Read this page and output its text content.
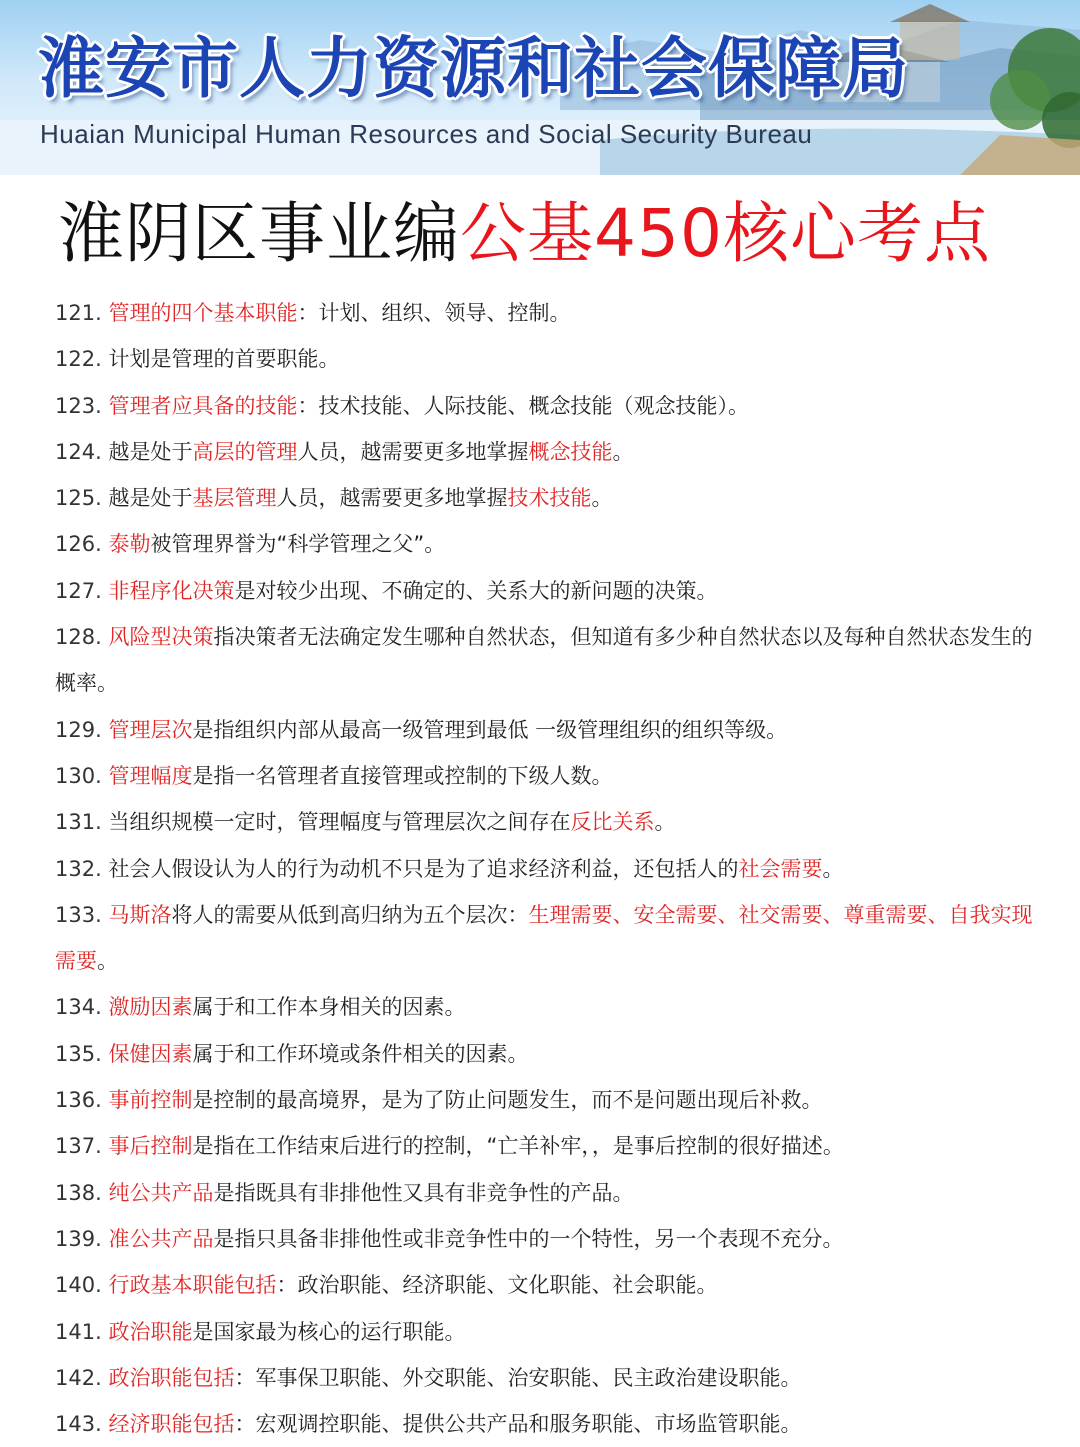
淮安市人力资源和社会保障局
Huaian Municipal Human Resources and Social Security Bureau
淮阴区事业编公基450核心考点
121. 管理的四个基本职能：计划、组织、领导、控制。
122. 计划是管理的首要职能。
123. 管理者应具备的技能：技术技能、人际技能、概念技能（观念技能）。
124. 越是处于高层的管理人员，越需要更多地掌握概念技能。
125. 越是处于基层管理人员，越需要更多地掌握技术技能。
126. 泰勒被管理界誉为“科学管理之父”。
127. 非程序化决策是对较少出现、不确定的、关系大的新问题的决策。
128. 风险型决策指决策者无法确定发生哪种自然状态，但知道有多少种自然状态以及每种自然状态发生的概率。
129. 管理层次是指组织内部从最高一级管理到最低 一级管理组织的组织等级。
130. 管理幅度是指一名管理者直接管理或控制的下级人数。
131. 当组织规模一定时，管理幅度与管理层次之间存在反比关系。
132. 社会人假设认为人的行为动机不只是为了追求经济利益，还包括人的社会需要。
133. 马斯洛将人的需要从低到高归纳为五个层次：生理需要、安全需要、社交需要、尊重需要、自我实现需要。
134. 激励因素属于和工作本身相关的因素。
135. 保健因素属于和工作环境或条件相关的因素。
136. 事前控制是控制的最高境界，是为了防止问题发生，而不是问题出现后补救。
137. 事后控制是指在工作结束后进行的控制，“亡羊补牢，，是事后控制的很好描述。
138. 纯公共产品是指既具有非排他性又具有非竞争性的产品。
139. 准公共产品是指只具备非排他性或非竞争性中的一个特性，另一个表现不充分。
140. 行政基本职能包括：政治职能、经济职能、文化职能、社会职能。
141. 政治职能是国家最为核心的运行职能。
142. 政治职能包括：军事保卫职能、外交职能、治安职能、民主政治建设职能。
143. 经济职能包括：宏观调控职能、提供公共产品和服务职能、市场监管职能。
